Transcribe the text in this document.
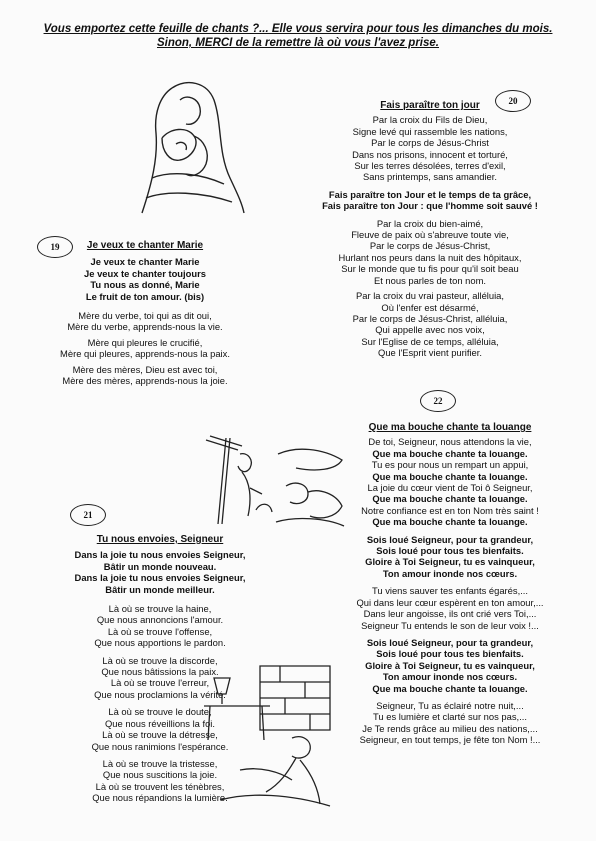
Vous emportez cette feuille de chants ?... Elle vous servira pour tous les dimanches du mois.
Sinon, MERCI de la remettre là où vous l'avez prise.
19	Je veux te chanter Marie
Je veux te chanter Marie
Je veux te chanter toujours
Tu nous as donné, Marie
Le fruit de ton amour. (bis)
Mère du verbe, toi qui as dit oui,
Mère du verbe, apprends-nous la vie.
Mère qui pleures le crucifié,
Mère qui pleures, apprends-nous la paix.
Mère des mères, Dieu est avec toi,
Mère des mères, apprends-nous la joie.
20
Fais paraître ton jour
Par la croix du Fils de Dieu,
Signe levé qui rassemble les nations,
Par le corps de Jésus-Christ
Dans nos prisons, innocent et torturé,
Sur les terres désolées, terres d'exil,
Sans printemps, sans amandier.
Fais paraître ton Jour et le temps de ta grâce,
Fais paraître ton Jour : que l'homme soit sauvé !
Par la croix du bien-aimé,
Fleuve de paix où s'abreuve toute vie,
Par le corps de Jésus-Christ,
Hurlant nos peurs dans la nuit des hôpitaux,
Sur le monde que tu fis pour qu'il soit beau
Et nous parles de ton nom.
Par la croix du vrai pasteur, alléluia,
Où l'enfer est désarmé,
Par le corps de Jésus-Christ, alléluia,
Qui appelle avec nos voix,
Sur l'Eglise de ce temps, alléluia,
Que l'Esprit vient purifier.
21
Tu nous envoies, Seigneur
Dans la joie tu nous envoies Seigneur,
Bâtir un monde nouveau.
Dans la joie tu nous envoies Seigneur,
Bâtir un monde meilleur.
Là où se trouve la haine,
Que nous annoncions l'amour.
Là où se trouve l'offense,
Que nous apportions le pardon.
Là où se trouve la discorde,
Que nous bâtissions la paix.
Là où se trouve l'erreur,
Que nous proclamions la vérité.
Là où se trouve le doute,
Que nous réveillions la foi.
Là où se trouve la détresse,
Que nous ranimions l'espérance.
Là où se trouve la tristesse,
Que nous suscitions la joie.
Là où se trouvent les ténèbres,
Que nous répandions la lumière.
22
Que ma bouche chante ta louange
De toi, Seigneur, nous attendons la vie,
Que ma bouche chante ta louange.
Tu es pour nous un rempart un appui,
Que ma bouche chante ta louange.
La joie du cœur vient de Toi ô Seigneur,
Que ma bouche chante ta louange.
Notre confiance est en ton Nom très saint !
Que ma bouche chante ta louange.
Sois loué Seigneur, pour ta grandeur,
Sois loué pour tous tes bienfaits.
Gloire à Toi Seigneur, tu es vainqueur,
Ton amour inonde nos cœurs.
Tu viens sauver tes enfants égarés,...
Qui dans leur cœur espèrent en ton amour,...
Dans leur angoisse, ils ont crié vers Toi,...
Seigneur Tu entends le son de leur voix !...
Sois loué Seigneur, pour ta grandeur,
Sois loué pour tous tes bienfaits.
Gloire à Toi Seigneur, tu es vainqueur,
Ton amour inonde nos cœurs.
Que ma bouche chante ta louange.
Seigneur, Tu as éclairé notre nuit,...
Tu es lumière et clarté sur nos pas,...
Je Te rends grâce au milieu des nations,...
Seigneur, en tout temps, je fête ton Nom !...
